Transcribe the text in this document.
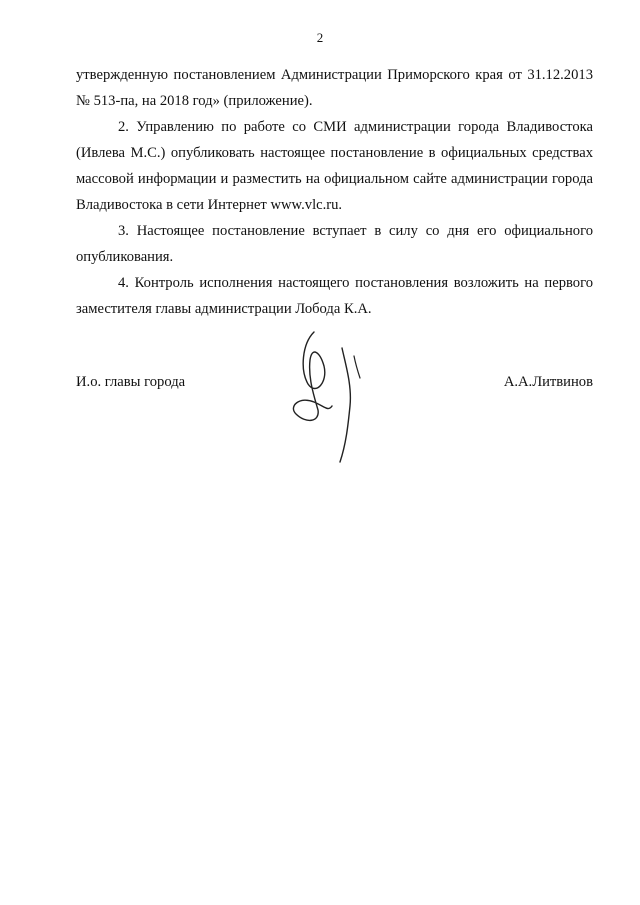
2

утвержденную постановлением Администрации Приморского края от 31.12.2013 № 513-па, на 2018 год» (приложение).

2. Управлению по работе со СМИ администрации города Владивостока (Ивлева М.С.) опубликовать настоящее постановление в официальных средствах массовой информации и разместить на официальном сайте администрации города Владивостока в сети Интернет www.vlc.ru.

3. Настоящее постановление вступает в силу со дня его официального опубликования.

4. Контроль исполнения настоящего постановления возложить на первого заместителя главы администрации Лобода К.А.

И.о. главы города	А.А.Литвинов
